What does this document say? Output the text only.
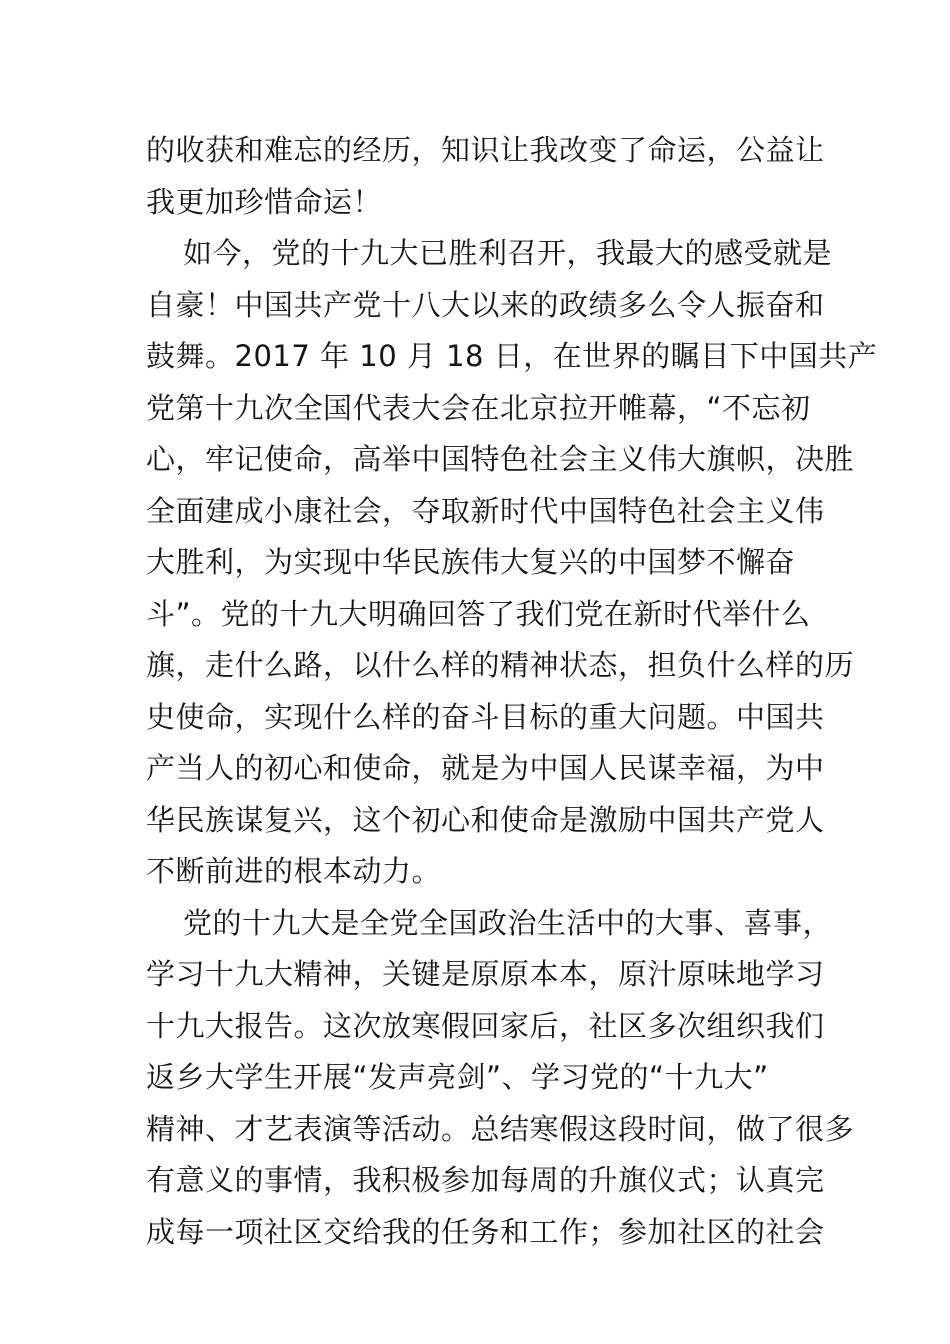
的收获和难忘的经历，知识让我改变了命运，公益让
我更加珍惜命运！
如今，党的十九大已胜利召开，我最大的感受就是
自豪！中国共产党十八大以来的政绩多么令人振奋和
鼓舞。2017 年 10 月 18 日，在世界的瞩目下中国共产
党第十九次全国代表大会在北京拉开帷幕，“不忘初
心，牢记使命，高举中国特色社会主义伟大旗帜，决胜
全面建成小康社会，夺取新时代中国特色社会主义伟
大胜利，为实现中华民族伟大复兴的中国梦不懈奋
斗”。党的十九大明确回答了我们党在新时代举什么
旗，走什么路，以什么样的精神状态，担负什么样的历
史使命，实现什么样的奋斗目标的重大问题。中国共
产当人的初心和使命，就是为中国人民谋幸福，为中
华民族谋复兴，这个初心和使命是激励中国共产党人
不断前进的根本动力。
党的十九大是全党全国政治生活中的大事、喜事，
学习十九大精神，关键是原原本本，原汁原味地学习
十九大报告。这次放寒假回家后，社区多次组织我们
返乡大学生开展“发声亮剑”、学习党的“十九大”
精神、才艺表演等活动。总结寒假这段时间，做了很多
有意义的事情，我积极参加每周的升旗仪式；认真完
成每一项社区交给我的任务和工作；参加社区的社会
